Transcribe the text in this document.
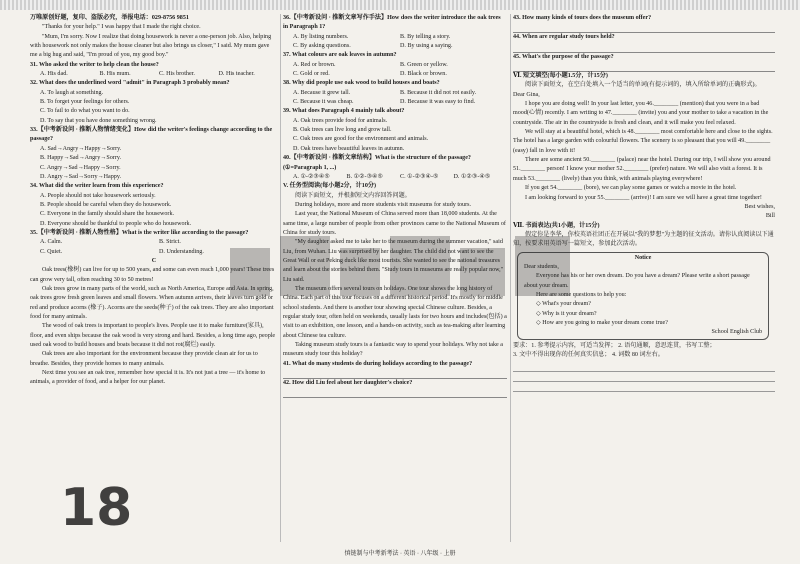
万唯原创好题，复印、盗版必究，举报电话：029-8756 9851

"Thanks for your help." I was happy that I made the right choice.

"Mum, I'm sorry. Now I realize that doing housework is never a one-person job. Also, helping with housework not only makes the house cleaner but also brings us closer," I said. My mum gave me a big hug and said, "I'm proud of you, my good boy."

31. Who asked the writer to help clean the house?

A. His dad.	B. His mum.	C. His brother.	D. His teacher.

32. What does the underlined word "admit" in Paragraph 3 probably mean?

A. To laugh at something.

B. To forget your feelings for others.

C. To fail to do what you want to do.

D. To say that you have done something wrong.

33.【中考新设问 · 推断人物情绪变化】How did the writer's feelings change according to the passage?

A. Sad→Angry→Happy→Sorry.

B. Happy→Sad→Angry→Sorry.

C. Angry→Sad→Happy→Sorry.

D. Angry→Sad→Sorry→Happy.

34. What did the writer learn from this experience?

A. People should not take housework seriously.

B. People should be careful when they do housework.

C. Everyone in the family should share the housework.

D. Everyone should be thankful to people who do housework.

35.【中考新设问 · 推断人物性格】What is the writer like according to the passage?

A. Calm.	B. Strict.
C. Quiet.	D. Understanding.

C

Oak trees(橡树) can live for up to 500 years, and some can even reach 1,000 years! These trees can grow very tall, often reaching 30 to 50 metres!

Oak trees grow in many parts of the world, such as North America, Europe and Asia. In spring, oak trees grow fresh green leaves and small flowers. When autumn arrives, their leaves turn gold or red and produce acorns (橡子). Acorns are the seeds(种子) of the oak trees. They are also important food for many animals.

The wood of oak trees is important to people's lives. People use it to make furniture(家具), floor, and even ships because the oak wood is very strong and hard. Besides, a long time ago, people used oak wood to build houses and boats because it did not rot(腐烂) easily.

Oak trees are also important for the environment because they provide clean air for us to breathe. Besides, they provide homes to many animals.

Next time you see an oak tree, remember how special it is. It's not just a tree — it's home to animals, a provider of food, and a helper for our planet.

36.【中考新设问 · 推断文章写作手法】How does the writer introduce the oak trees in Paragraph 1?

A. By listing numbers.	B. By telling a story.
C. By asking questions.	D. By using a saying.

37. What colours are oak leaves in autumn?

A. Red or brown.	B. Green or yellow.
C. Gold or red.	D. Black or brown.

38. Why did people use oak wood to build houses and boats?

A. Because it grew tall.	B. Because it did not rot easily.
C. Because it was cheap.	D. Because it was easy to find.

39. What does Paragraph 4 mainly talk about?

A. Oak trees provide food for animals.

B. Oak trees can live long and grow tall.

C. Oak trees are good for the environment and animals.

D. Oak trees have beautiful leaves in autumn.

40.【中考新设问 · 推断文章结构】What is the structure of the passage? (①=Paragraph 1, ...)

A. ①-②③④⑤	B. ①②-③④⑤	C. ①-②③④-⑤	D. ①②③-④⑤

V. 任务型阅读(每小题2分，计10分)

阅读下面短文，并根据短文内容回答问题。

During holidays, more and more students visit museums for study tours.

Last year, the National Museum of China served more than 18,000 students. At the same time, a large number of people from other provinces came to the National Museum of China for study tours.

"My daughter asked me to take her to the museum during the summer vacation," said Liu, from Wuhan. Liu was surprised by her daughter. The child did not want to see the Great Wall or eat Peking duck like most tourists. She wanted to see the national treasures and learn about the stories behind them. "Study tours in museums are really popular now," Liu said.

The museum offers several tours on holidays. One tour shows the long history of China. Each part of this tour focuses on a different historical period. It's mostly for middle school students. And there is another tour showing special Chinese culture. Besides, a regular study tour, often held on weekends, usually lasts for two hours and includes(包括) a visit to an exhibition, one lesson, and a hands-on activity, such as tea-making after learning about Chinese tea culture.

Taking museum study tours is a fantastic way to spend your holidays. Why not take a museum study tour this holiday?

41. What do many students do during holidays according to the passage?

42. How did Liu feel about her daughter's choice?

43. How many kinds of tours does the museum offer?

44. When are regular study tours held?

45. What's the purpose of the passage?

Ⅵ. 短文填空(每小题1.5分，计15分)

阅读下面短文，在空白处填入一个适当的单词(有提示词的，填入所给单词的正确形式)。

Dear Gina,

I hope you are doing well! In your last letter, you 46.________ (mention) that you were in a bad mood(心情) recently. I am writing to 47.________ (invite) you and your mother to take a vacation in the countryside. The air in the countryside is fresh and clean, and it will make you feel relaxed.

We will stay at a beautiful hotel, which is 48.________ most comfortable here and close to the sights. The hotel has a large garden with colourful flowers. The scenery is so pleasant that you will 49.________ (easy) fall in love with it!

There are some ancient 50.________ (palace) near the hotel. During our trip, I will show you around 51.________ person! I know your mother 52.________ (prefer) nature. We will also visit a forest. It is much 53.________ (lively) than you think, with animals playing everywhere!

If you get 54.________ (bore), we can play some games or watch a movie in the hotel.

I am looking forward to your 55.________ (arrive)! I am sure we will have a great time together!

Best wishes,

Bill

Ⅶ. 书面表达(共1小题，计15分)

假定你是李华，你校英语社团正在开展以"我的梦想"为主题的征文活动。请你认真阅读以下通知，按要求用英语写一篇短文，参加此次活动。

Notice

Dear students,

Everyone has his or her own dream. Do you have a dream? Please write a short passage about your dream.

Here are some questions to help you:

◇ What's your dream?

◇ Why is it your dream?

◇ How are you going to make your dream come true?

School English Club

要求：1. 参考提示内容，可适当发挥； 2. 语句通顺，意思连贯，书写工整；

3. 文中不得出现你的任何真实信息； 4. 词数 80 词左右。

18
慎链制与中考新考法 · 英语 · 八年级 · 上册
